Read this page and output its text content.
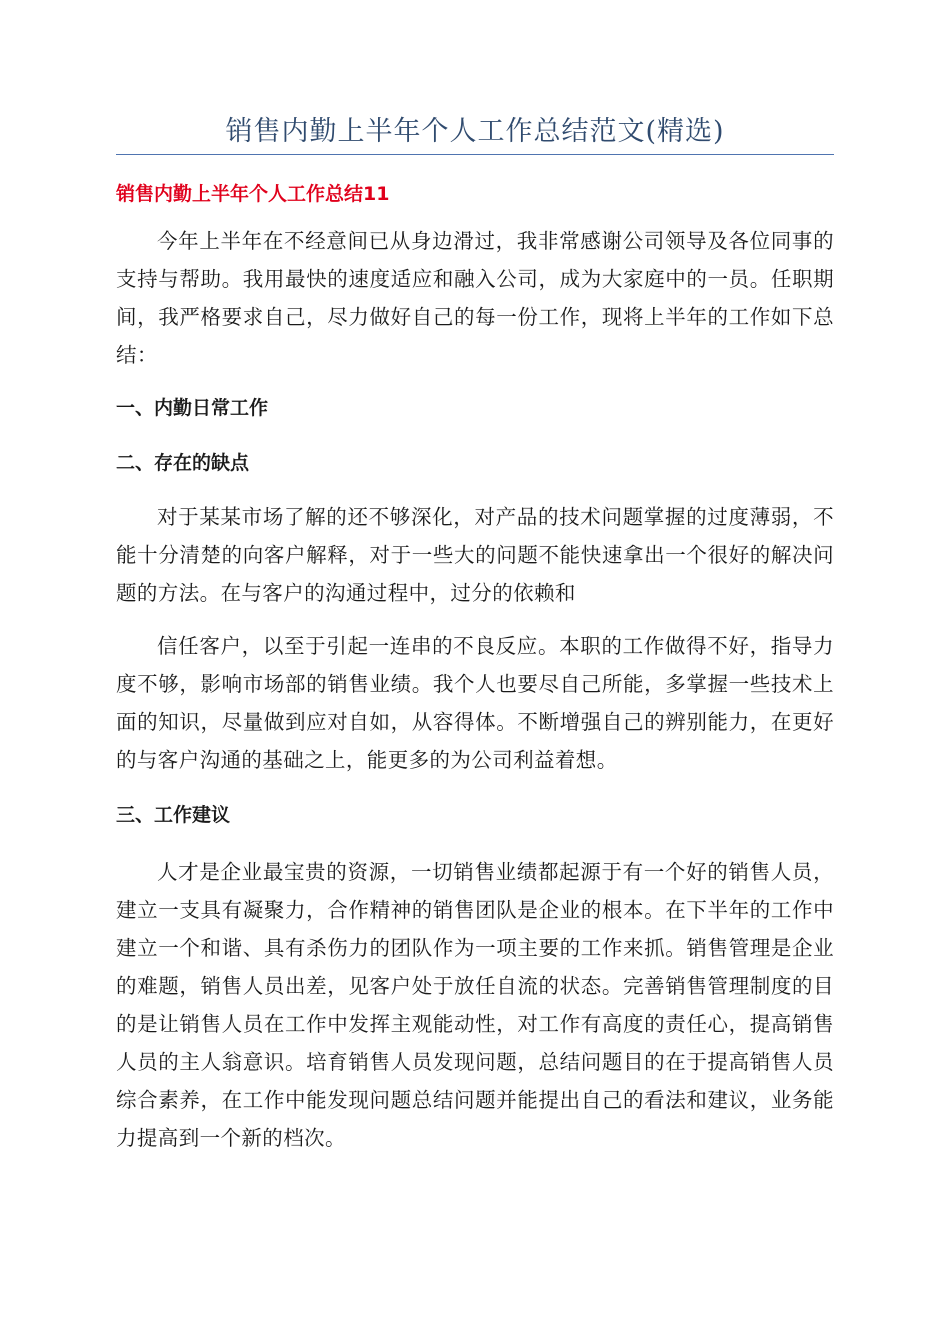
销售内勤上半年个人工作总结范文(精选)
销售内勤上半年个人工作总结11

今年上半年在不经意间已从身边滑过，我非常感谢公司领导及各位同事的支持与帮助。我用最快的速度适应和融入公司，成为大家庭中的一员。任职期间，我严格要求自己，尽力做好自己的每一份工作，现将上半年的工作如下总结：

一、内勤日常工作
二、存在的缺点

对于某某市场了解的还不够深化，对产品的技术问题掌握的过度薄弱，不能十分清楚的向客户解释，对于一些大的问题不能快速拿出一个很好的解决问题的方法。在与客户的沟通过程中，过分的依赖和

信任客户，以至于引起一连串的不良反应。本职的工作做得不好，指导力度不够，影响市场部的销售业绩。我个人也要尽自己所能，多掌握一些技术上面的知识，尽量做到应对自如，从容得体。不断增强自己的辨别能力，在更好的与客户沟通的基础之上，能更多的为公司利益着想。

三、工作建议

人才是企业最宝贵的资源，一切销售业绩都起源于有一个好的销售人员，建立一支具有凝聚力，合作精神的销售团队是企业的根本。在下半年的工作中建立一个和谐、具有杀伤力的团队作为一项主要的工作来抓。销售管理是企业的难题，销售人员出差，见客户处于放任自流的状态。完善销售管理制度的目的是让销售人员在工作中发挥主观能动性，对工作有高度的责任心，提高销售人员的主人翁意识。培育销售人员发现问题，总结问题目的在于提高销售人员综合素养，在工作中能发现问题总结问题并能提出自己的看法和建议，业务能力提高到一个新的档次。
